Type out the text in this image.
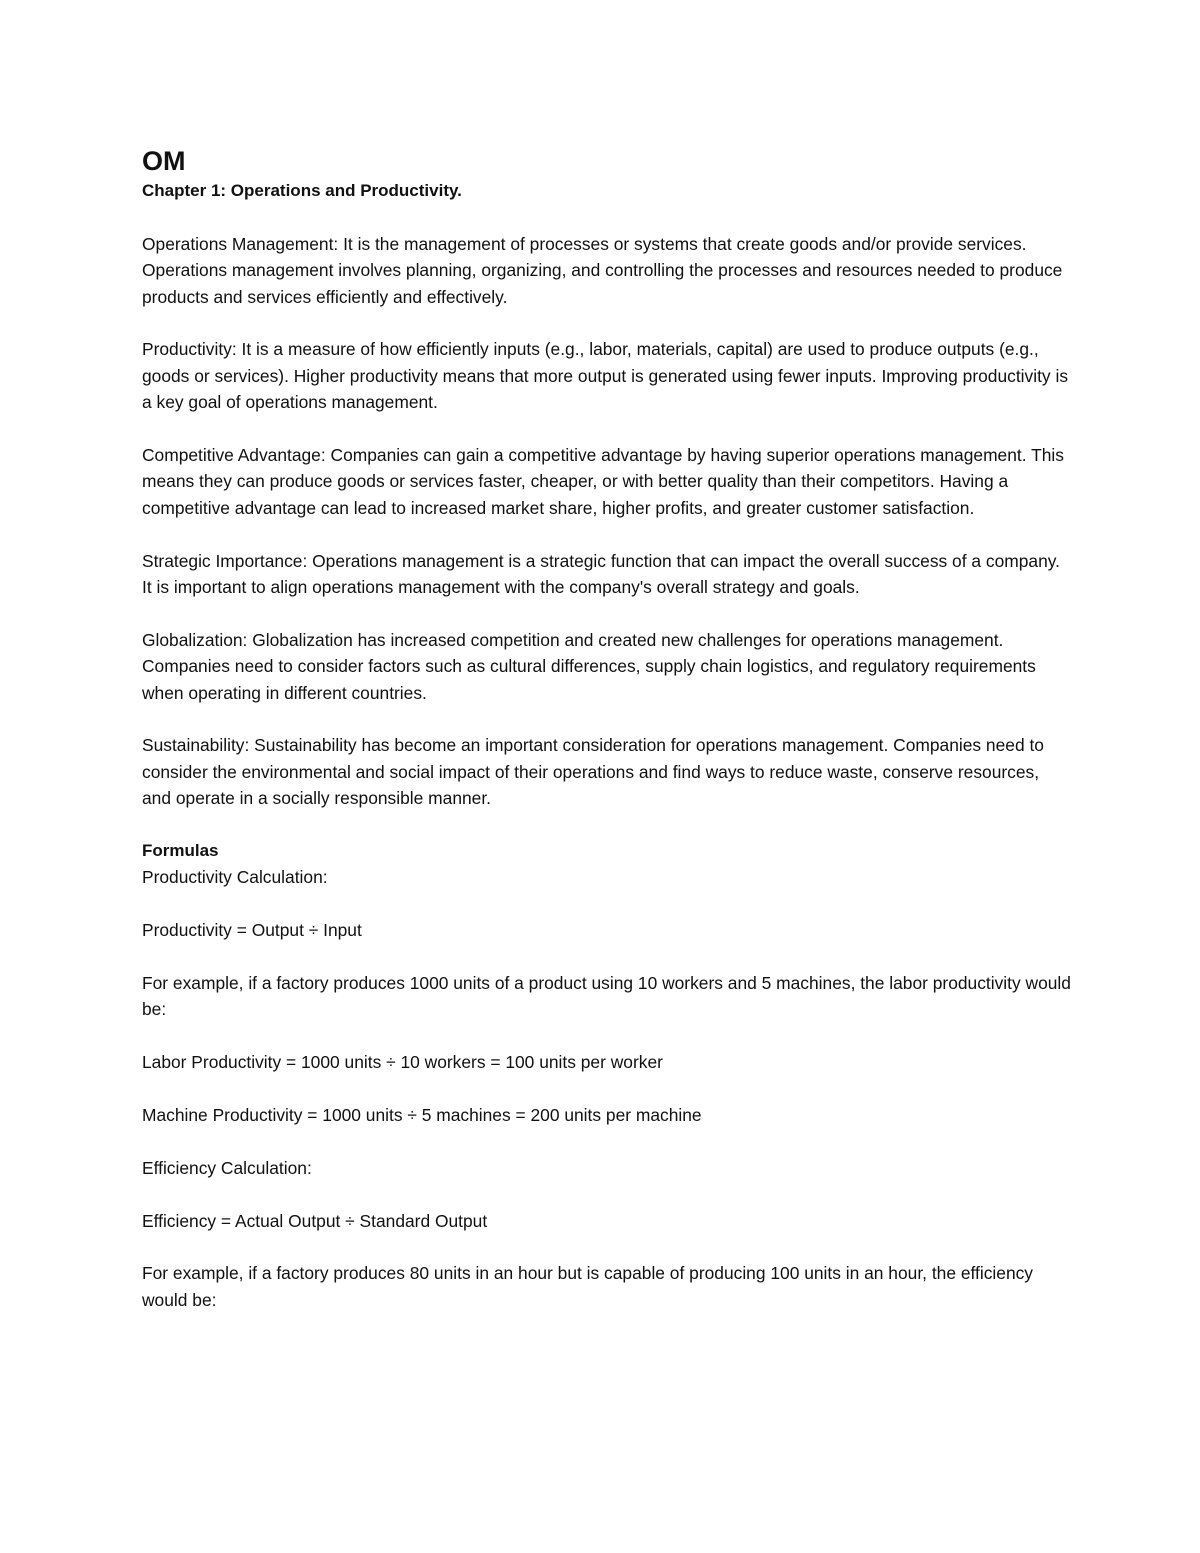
OM
Chapter 1: Operations and Productivity.

Operations Management: It is the management of processes or systems that create goods and/or provide services. Operations management involves planning, organizing, and controlling the processes and resources needed to produce products and services efficiently and effectively.

Productivity: It is a measure of how efficiently inputs (e.g., labor, materials, capital) are used to produce outputs (e.g., goods or services). Higher productivity means that more output is generated using fewer inputs. Improving productivity is a key goal of operations management.

Competitive Advantage: Companies can gain a competitive advantage by having superior operations management. This means they can produce goods or services faster, cheaper, or with better quality than their competitors. Having a competitive advantage can lead to increased market share, higher profits, and greater customer satisfaction.

Strategic Importance: Operations management is a strategic function that can impact the overall success of a company. It is important to align operations management with the company's overall strategy and goals.

Globalization: Globalization has increased competition and created new challenges for operations management. Companies need to consider factors such as cultural differences, supply chain logistics, and regulatory requirements when operating in different countries.

Sustainability: Sustainability has become an important consideration for operations management. Companies need to consider the environmental and social impact of their operations and find ways to reduce waste, conserve resources, and operate in a socially responsible manner.

Formulas
Productivity Calculation:
Productivity = Output ÷ Input
For example, if a factory produces 1000 units of a product using 10 workers and 5 machines, the labor productivity would be:
Labor Productivity = 1000 units ÷ 10 workers = 100 units per worker
Machine Productivity = 1000 units ÷ 5 machines = 200 units per machine
Efficiency Calculation:
Efficiency = Actual Output ÷ Standard Output
For example, if a factory produces 80 units in an hour but is capable of producing 100 units in an hour, the efficiency would be:
